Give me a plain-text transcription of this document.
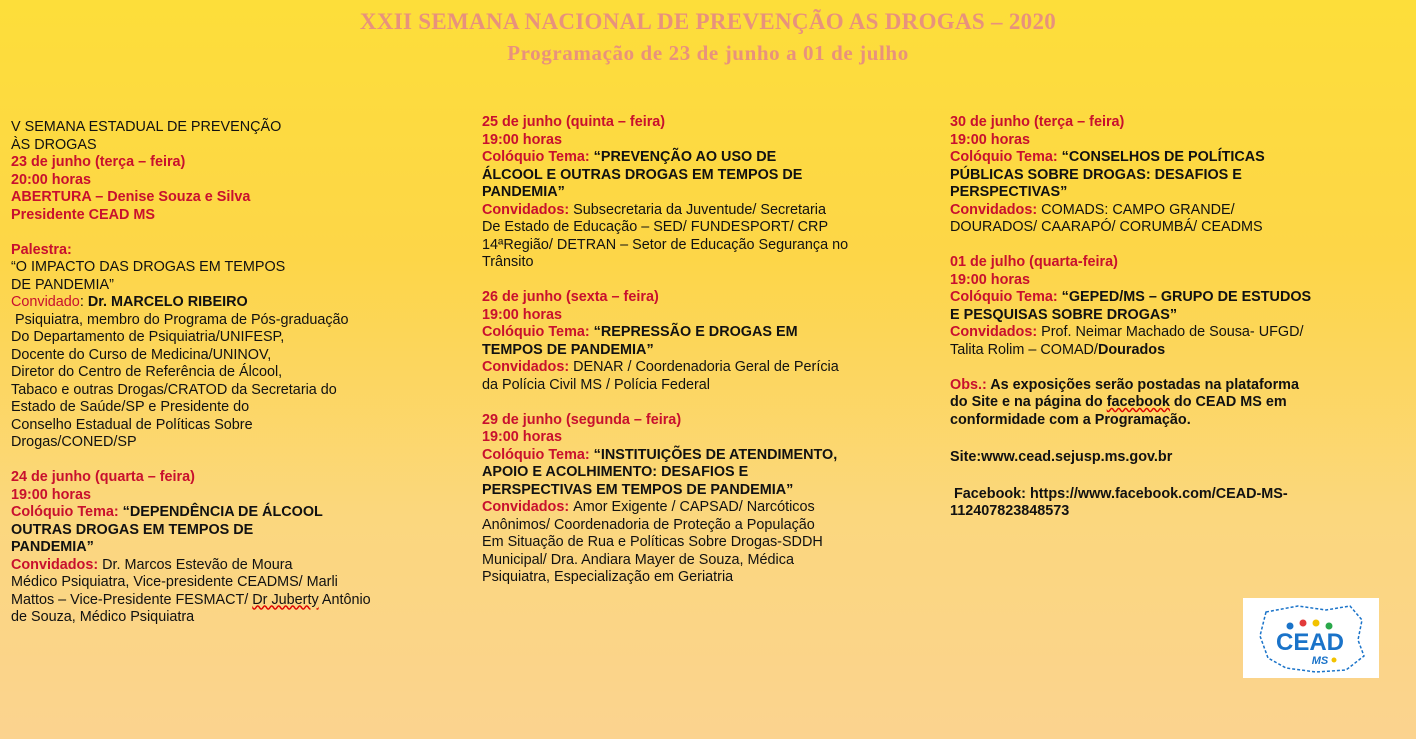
XXII SEMANA NACIONAL DE PREVENÇÃO AS DROGAS – 2020
Programação de 23 de junho a 01 de julho
V SEMANA ESTADUAL DE PREVENÇÃO
ÀS DROGAS
23 de junho (terça – feira)
20:00 horas
ABERTURA – Denise Souza e Silva
Presidente CEAD MS
Palestra:
“O IMPACTO DAS DROGAS EM TEMPOS
DE PANDEMIA”
Convidado: Dr. MARCELO RIBEIRO
Psiquiatra, membro do Programa de Pós-graduação
Do Departamento de Psiquiatria/UNIFESP,
Docente do Curso de Medicina/UNINOV,
Diretor do Centro de Referência de Álcool,
Tabaco e outras Drogas/CRATOD da Secretaria do
Estado de Saúde/SP e Presidente do
Conselho Estadual de Políticas Sobre
Drogas/CONED/SP
24 de junho (quarta – feira)
19:00 horas
Colóquio Tema: “DEPENDÊNCIA DE ÁLCOOL
OUTRAS DROGAS EM TEMPOS DE
PANDEMIA”
Convidados: Dr. Marcos Estevão de Moura
Médico Psiquiatra, Vice-presidente CEADMS/ Marli
Mattos – Vice-Presidente FESMACT/ Dr Juberty Antônio
de Souza, Médico Psiquiatra
25 de junho (quinta – feira)
19:00 horas
Colóquio Tema: “PREVENÇÃO AO USO DE
ÁLCOOL E OUTRAS DROGAS EM TEMPOS DE
PANDEMIA”
Convidados: Subsecretaria da Juventude/ Secretaria
De Estado de Educação – SED/ FUNDESPORT/ CRP
14ªRegião/ DETRAN – Setor de Educação Segurança no
Trânsito
26 de junho (sexta – feira)
19:00 horas
Colóquio Tema: “REPRESSÃO E DROGAS EM
TEMPOS DE PANDEMIA”
Convidados: DENAR / Coordenadoria Geral de Perícia
da Polícia Civil MS / Polícia Federal
29 de junho (segunda – feira)
19:00 horas
Colóquio Tema: “INSTITUIÇÕES DE ATENDIMENTO,
APOIO E ACOLHIMENTO: DESAFIOS E
PERSPECTIVAS EM TEMPOS DE PANDEMIA”
Convidados: Amor Exigente / CAPSAD/ Narcóticos
Anônimos/ Coordenadoria de Proteção a População
Em Situação de Rua e Políticas Sobre Drogas-SDDH
Municipal/ Dra. Andiara Mayer de Souza, Médica
Psiquiatra, Especialização em Geriatria
30 de junho (terça – feira)
19:00 horas
Colóquio Tema: “CONSELHOS DE POLÍTICAS
PÚBLICAS SOBRE DROGAS: DESAFIOS E
PERSPECTIVAS”
Convidados: COMADS: CAMPO GRANDE/
DOURADOS/ CAARAPÓ/ CORUMBÁ/ CEADMS
01 de julho (quarta-feira)
19:00 horas
Colóquio Tema: “GEPED/MS – GRUPO DE ESTUDOS
E PESQUISAS SOBRE DROGAS”
Convidados: Prof. Neimar Machado de Sousa- UFGD/
Talita Rolim – COMAD/Dourados
Obs.: As exposições serão postadas na plataforma
do Site e na página do facebook do CEAD MS em
conformidade com a Programação.
Site:www.cead.sejusp.ms.gov.br
Facebook: https://www.facebook.com/CEAD-MS-
112407823848573
CEAD
MS
